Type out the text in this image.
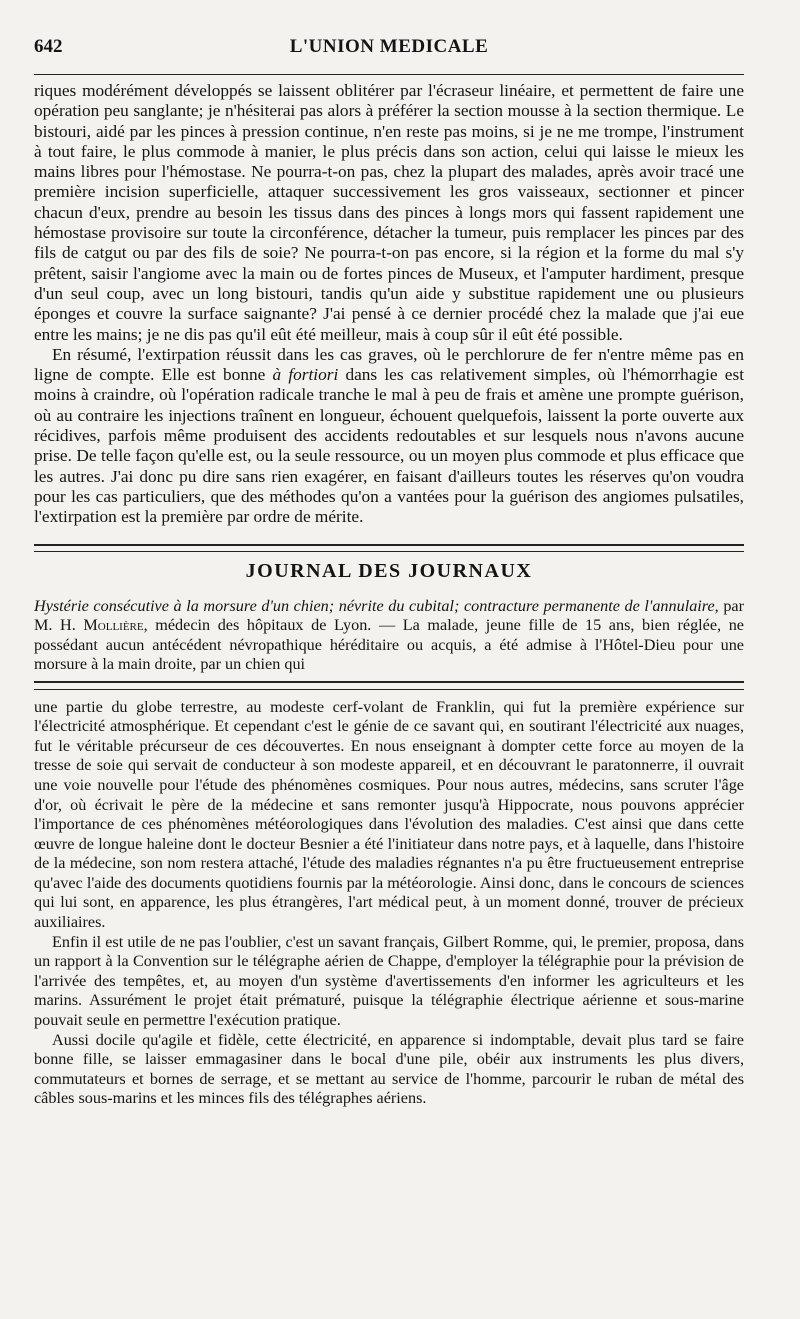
642	L'UNION MEDICALE

riques modérément développés se laissent oblitérer par l'écraseur linéaire, et permettent de faire une opération peu sanglante; je n'hésiterai pas alors à préférer la section mousse à la section thermique. Le bistouri, aidé par les pinces à pression continue, n'en reste pas moins, si je ne me trompe, l'instrument à tout faire, le plus commode à manier, le plus précis dans son action, celui qui laisse le mieux les mains libres pour l'hémostase. Ne pourra-t-on pas, chez la plupart des malades, après avoir tracé une première incision superficielle, attaquer successivement les gros vaisseaux, sectionner et pincer chacun d'eux, prendre au besoin les tissus dans des pinces à longs mors qui fassent rapidement une hémostase provisoire sur toute la circonférence, détacher la tumeur, puis remplacer les pinces par des fils de catgut ou par des fils de soie? Ne pourra-t-on pas encore, si la région et la forme du mal s'y prêtent, saisir l'angiome avec la main ou de fortes pinces de Museux, et l'amputer hardiment, presque d'un seul coup, avec un long bistouri, tandis qu'un aide y substitue rapidement une ou plusieurs éponges et couvre la surface saignante? J'ai pensé à ce dernier procédé chez la malade que j'ai eue entre les mains; je ne dis pas qu'il eût été meilleur, mais à coup sûr il eût été possible.

En résumé, l'extirpation réussit dans les cas graves, où le perchlorure de fer n'entre même pas en ligne de compte. Elle est bonne à fortiori dans les cas relativement simples, où l'hémorrhagie est moins à craindre, où l'opération radicale tranche le mal à peu de frais et amène une prompte guérison, où au contraire les injections traînent en longueur, échouent quelquefois, laissent la porte ouverte aux récidives, parfois même produisent des accidents redoutables et sur lesquels nous n'avons aucune prise. De telle façon qu'elle est, ou la seule ressource, ou un moyen plus commode et plus efficace que les autres. J'ai donc pu dire sans rien exagérer, en faisant d'ailleurs toutes les réserves qu'on voudra pour les cas particuliers, que des méthodes qu'on a vantées pour la guérison des angiomes pulsatiles, l'extirpation est la première par ordre de mérite.

JOURNAL DES JOURNAUX

Hystérie consécutive à la morsure d'un chien; névrite du cubital; contracture permanente de l'annulaire, par M. H. Mollière, médecin des hôpitaux de Lyon. — La malade, jeune fille de 15 ans, bien réglée, ne possédant aucun antécédent névropathique héréditaire ou acquis, a été admise à l'Hôtel-Dieu pour une morsure à la main droite, par un chien qui

une partie du globe terrestre, au modeste cerf-volant de Franklin, qui fut la première expérience sur l'électricité atmosphérique. Et cependant c'est le génie de ce savant qui, en soutirant l'électricité aux nuages, fut le véritable précurseur de ces découvertes. En nous enseignant à dompter cette force au moyen de la tresse de soie qui servait de conducteur à son modeste appareil, et en découvrant le paratonnerre, il ouvrait une voie nouvelle pour l'étude des phénomènes cosmiques. Pour nous autres, médecins, sans scruter l'âge d'or, où écrivait le père de la médecine et sans remonter jusqu'à Hippocrate, nous pouvons apprécier l'importance de ces phénomènes météorologiques dans l'évolution des maladies. C'est ainsi que dans cette œuvre de longue haleine dont le docteur Besnier a été l'initiateur dans notre pays, et à laquelle, dans l'histoire de la médecine, son nom restera attaché, l'étude des maladies régnantes n'a pu être fructueusement entreprise qu'avec l'aide des documents quotidiens fournis par la météorologie. Ainsi donc, dans le concours de sciences qui lui sont, en apparence, les plus étrangères, l'art médical peut, à un moment donné, trouver de précieux auxiliaires.

Enfin il est utile de ne pas l'oublier, c'est un savant français, Gilbert Romme, qui, le premier, proposa, dans un rapport à la Convention sur le télégraphe aérien de Chappe, d'employer la télégraphie pour la prévision de l'arrivée des tempêtes, et, au moyen d'un système d'avertissements d'en informer les agriculteurs et les marins. Assurément le projet était prématuré, puisque la télégraphie électrique aérienne et sous-marine pouvait seule en permettre l'exécution pratique.

Aussi docile qu'agile et fidèle, cette électricité, en apparence si indomptable, devait plus tard se faire bonne fille, se laisser emmagasiner dans le bocal d'une pile, obéir aux instruments les plus divers, commutateurs et bornes de serrage, et se mettant au service de l'homme, parcourir le ruban de métal des câbles sous-marins et les minces fils des télégraphes aériens.
